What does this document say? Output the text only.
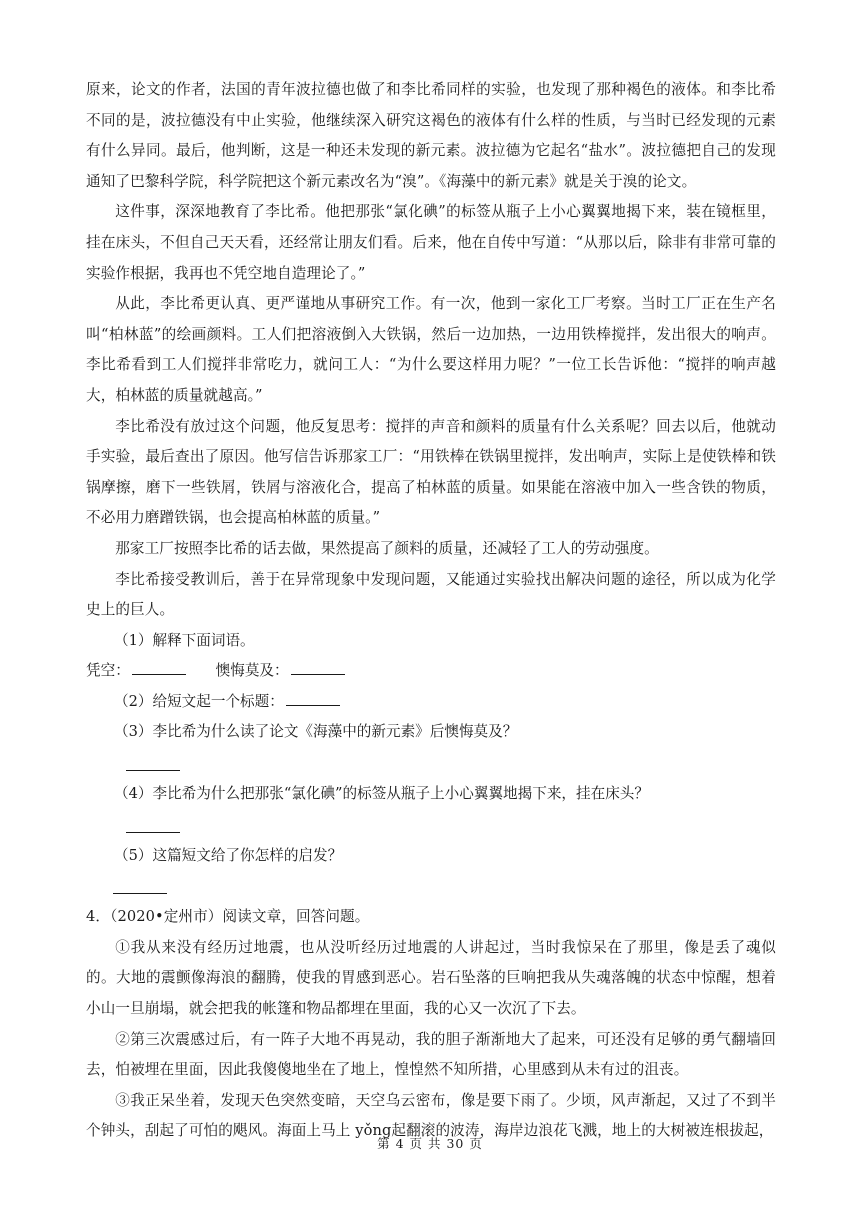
原来，论文的作者，法国的青年波拉德也做了和李比希同样的实验，也发现了那种褐色的液体。和李比希不同的是，波拉德没有中止实验，他继续深入研究这褐色的液体有什么样的性质，与当时已经发现的元素有什么异同。最后，他判断，这是一种还未发现的新元素。波拉德为它起名“盐水”。波拉德把自己的发现通知了巴黎科学院，科学院把这个新元素改名为“溴”。《海藻中的新元素》就是关于溴的论文。

这件事，深深地教育了李比希。他把那张“氯化碘”的标签从瓶子上小心翼翼地揭下来，装在镜框里，挂在床头，不但自己天天看，还经常让朋友们看。后来，他在自传中写道：“从那以后，除非有非常可靠的实验作根据，我再也不凭空地自造理论了。”

从此，李比希更认真、更严谨地从事研究工作。有一次，他到一家化工厂考察。当时工厂正在生产名叫“柏林蓝”的绘画颜料。工人们把溶液倒入大铁锅，然后一边加热，一边用铁棒搅拌，发出很大的响声。李比希看到工人们搅拌非常吃力，就问工人：“为什么要这样用力呢？”一位工长告诉他：“搅拌的响声越大，柏林蓝的质量就越高。”

李比希没有放过这个问题，他反复思考：搅拌的声音和颜料的质量有什么关系呢？回去以后，他就动手实验，最后查出了原因。他写信告诉那家工厂：“用铁棒在铁锅里搅拌，发出响声，实际上是使铁棒和铁锅摩擦，磨下一些铁屑，铁屑与溶液化合，提高了柏林蓝的质量。如果能在溶液中加入一些含铁的物质，不必用力磨蹭铁锅，也会提高柏林蓝的质量。”

那家工厂按照李比希的话去做，果然提高了颜料的质量，还减轻了工人的劳动强度。

李比希接受教训后，善于在异常现象中发现问题，又能通过实验找出解决问题的途径，所以成为化学史上的巨人。

（1）解释下面词语。

凭空：	懊悔莫及：

（2）给短文起一个标题：

（3）李比希为什么读了论文《海藻中的新元素》后懊悔莫及？

（4）李比希为什么把那张“氯化碘”的标签从瓶子上小心翼翼地揭下来，挂在床头？

（5）这篇短文给了你怎样的启发？

4．（2020•定州市）阅读文章，回答问题。

①我从来没有经历过地震，也从没听经历过地震的人讲起过，当时我惊呆在了那里，像是丢了魂似的。大地的震颤像海浪的翻腾，使我的胃感到恶心。岩石坠落的巨响把我从失魂落魄的状态中惊醒，想着小山一旦崩塌，就会把我的帐篷和物品都埋在里面，我的心又一次沉了下去。

②第三次震感过后，有一阵子大地不再晃动，我的胆子渐渐地大了起来，可还没有足够的勇气翻墙回去，怕被埋在里面，因此我傻傻地坐在了地上，惶惶然不知所措，心里感到从未有过的沮丧。

③我正呆坐着，发现天色突然变暗，天空乌云密布，像是要下雨了。少顷，风声渐起，又过了不到半个钟头，刮起了可怕的飓风。海面上马上 yǒng起翻滚的波涛，海岸边浪花飞溅，地上的大树被连根拔起，

第 4 页 共 30 页
